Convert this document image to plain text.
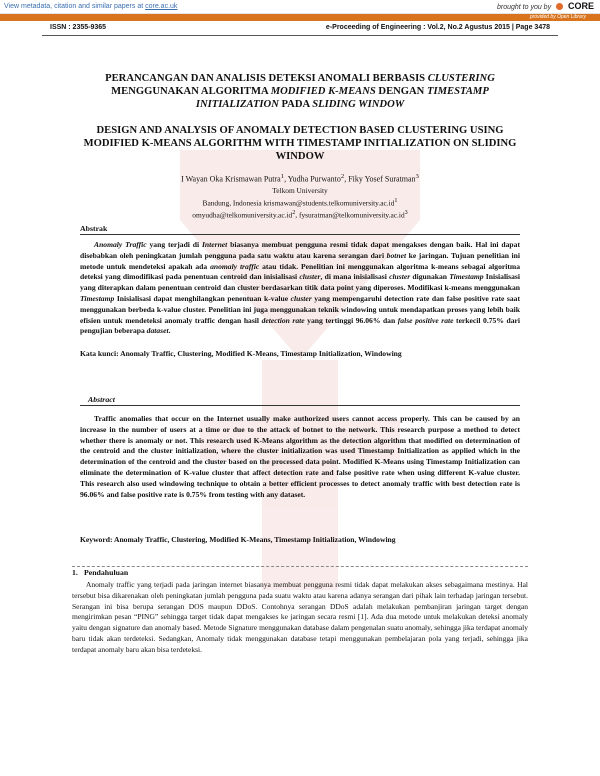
View metadata, citation and similar papers at core.ac.uk	brought to you by CORE
provided by Open Library
ISSN : 2355-9365	e-Proceeding of Engineering : Vol.2, No.2 Agustus 2015 | Page 3478
PERANCANGAN DAN ANALISIS DETEKSI ANOMALI BERBASIS CLUSTERING
MENGGUNAKAN ALGORITMA MODIFIED K-MEANS DENGAN TIMESTAMP
INITIALIZATION PADA SLIDING WINDOW
DESIGN AND ANALYSIS OF ANOMALY DETECTION BASED CLUSTERING USING MODIFIED K-MEANS ALGORITHM WITH TIMESTAMP INITIALIZATION ON SLIDING WINDOW
I Wayan Oka Krismawan Putra$^1$, Yudha Purwanto$^2$, Fiky Yosef Suratman$^3$
Telkom University
Bandung, Indonesia $krismawan@students.telkomuniversity.ac.id^1$
$omyudha@telkomuniversity.ac.id^2$, $fysuratman@telkomuniversity.ac.id^3$
Abstrak

Anomaly Traffic yang terjadi di Internet biasanya membuat pengguna resmi tidak dapat mengakses dengan baik. Hal ini dapat disebabkan oleh peningkatan jumlah pengguna pada satu waktu atau karena serangan dari botnet ke jaringan. Tujuan penelitian ini metode untuk mendeteksi apakah ada anomaly traffic atau tidak. Penelitian ini menggunakan algoritma k-means sebagai algoritma deteksi yang dimodifikasi pada penentuan centroid dan inisialisasi cluster, di mana inisialisasi cluster digunakan Timestamp Inisialisasi yang diterapkan dalam penentuan centroid dan cluster berdasarkan titik data point yang diperoses. Modifikasi k-means menggunakan Timestamp Inisialisasi dapat menghilangkan penentuan k-value cluster yang mempengaruhi detection rate dan false positive rate saat menggunakan berbeda k-value cluster. Penelitian ini juga menggunakan teknik windowing untuk mendapatkan proses yang lebih baik efisien untuk mendeteksi anomaly traffic dengan hasil detection rate yang tertinggi 96.06% dan false positive rate terkecil 0.75% dari pengujian beberapa dataset.

Kata kunci: Anomaly Traffic, Clustering, Modified K-Means, Timestamp Initialization, Windowing

Abstract

Traffic anomalies that occur on the Internet usually make authorized users cannot access properly. This can be caused by an increase in the number of users at a time or due to the attack of botnet to the network. This research purpose a method to detect whether there is anomaly or not. This research used K-Means algorithm as the detection algorithm that modified on determination of the centroid and the cluster initialization, where the cluster initialization was used Timestamp Initialization as applied which in the determination of the centroid and the cluster based on the processed data point. Modified K-Means using Timestamp Initialization can eliminate the determination of K-value cluster that affect detection rate and false positive rate when using different K-value cluster. This research also used windowing technique to obtain a better efficient processes to detect anomaly traffic with best detection rate is 96.06% and false positive rate is 0.75% from testing with any dataset.

Keyword: Anomaly Traffic, Clustering, Modified K-Means, Timestamp Initialization, Windowing

1. Pendahuluan

Anomaly traffic yang terjadi pada jaringan internet biasanya membuat pengguna resmi tidak dapat melakukan akses sebagaimana mestinya. Hal tersebut bisa dikarenakan oleh peningkatan jumlah pengguna pada suatu waktu atau karena adanya serangan dari pihak lain terhadap jaringan tersebut. Serangan ini bisa berupa serangan DOS maupun DDoS. Contohnya serangan DDoS adalah melakukan pembanjiran jaringan target dengan mengirimkan pesan “PING” sehingga target tidak dapat mengakses ke jaringan secara resmi [1]. Ada dua metode untuk melakukan deteksi anomaly yaitu dengan signature dan anomaly based. Metode Signature menggunakan database dalam pengenalan suatu anomaly, sehingga jika terdapat anomaly baru tidak akan terdeteksi. Sedangkan, Anomaly tidak menggunakan database tetapi menggunakan pembelajaran pola yang terjadi, sehingga jika terdapat anomaly baru akan bisa terdeteksi.
